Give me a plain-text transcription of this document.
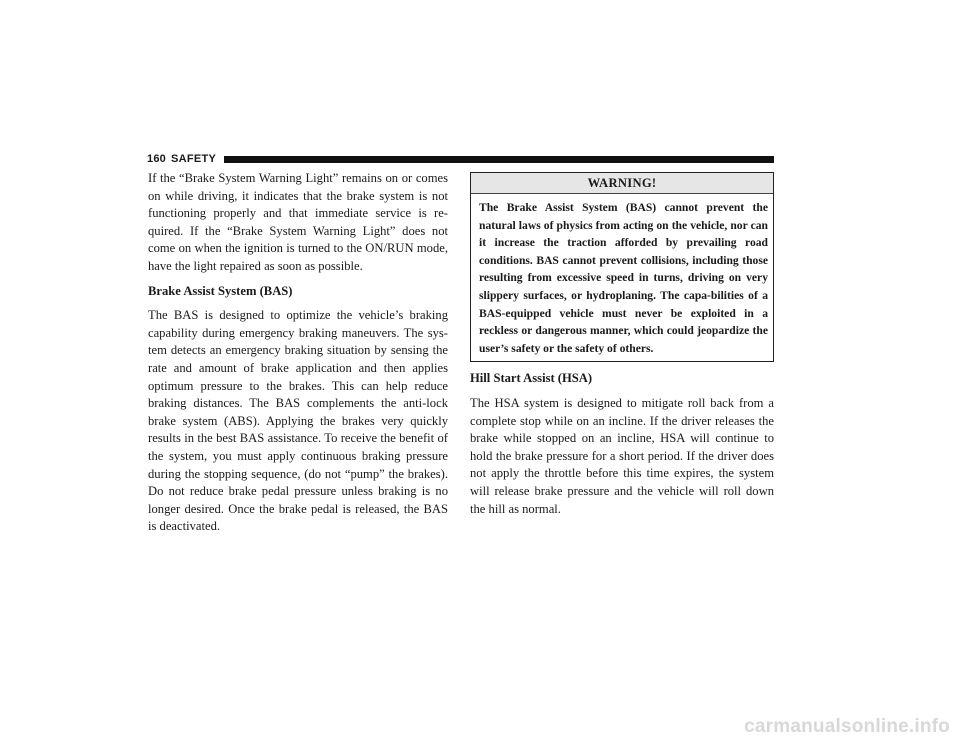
160 SAFETY

If the “Brake System Warning Light” remains on or comes on while driving, it indicates that the brake system is not functioning properly and that immediate service is re-quired. If the “Brake System Warning Light” does not come on when the ignition is turned to the ON/RUN mode, have the light repaired as soon as possible.

Brake Assist System (BAS)

The BAS is designed to optimize the vehicle’s braking capability during emergency braking maneuvers. The sys-tem detects an emergency braking situation by sensing the rate and amount of brake application and then applies optimum pressure to the brakes. This can help reduce braking distances. The BAS complements the anti-lock brake system (ABS). Applying the brakes very quickly results in the best BAS assistance. To receive the benefit of the system, you must apply continuous braking pressure during the stopping sequence, (do not “pump” the brakes). Do not reduce brake pedal pressure unless braking is no longer desired. Once the brake pedal is released, the BAS is deactivated.

WARNING!

The Brake Assist System (BAS) cannot prevent the natural laws of physics from acting on the vehicle, nor can it increase the traction afforded by prevailing road conditions. BAS cannot prevent collisions, including those resulting from excessive speed in turns, driving on very slippery surfaces, or hydroplaning. The capa-bilities of a BAS-equipped vehicle must never be exploited in a reckless or dangerous manner, which could jeopardize the user’s safety or the safety of others.

Hill Start Assist (HSA)

The HSA system is designed to mitigate roll back from a complete stop while on an incline. If the driver releases the brake while stopped on an incline, HSA will continue to hold the brake pressure for a short period. If the driver does not apply the throttle before this time expires, the system will release brake pressure and the vehicle will roll down the hill as normal.

carmanualsonline.info
